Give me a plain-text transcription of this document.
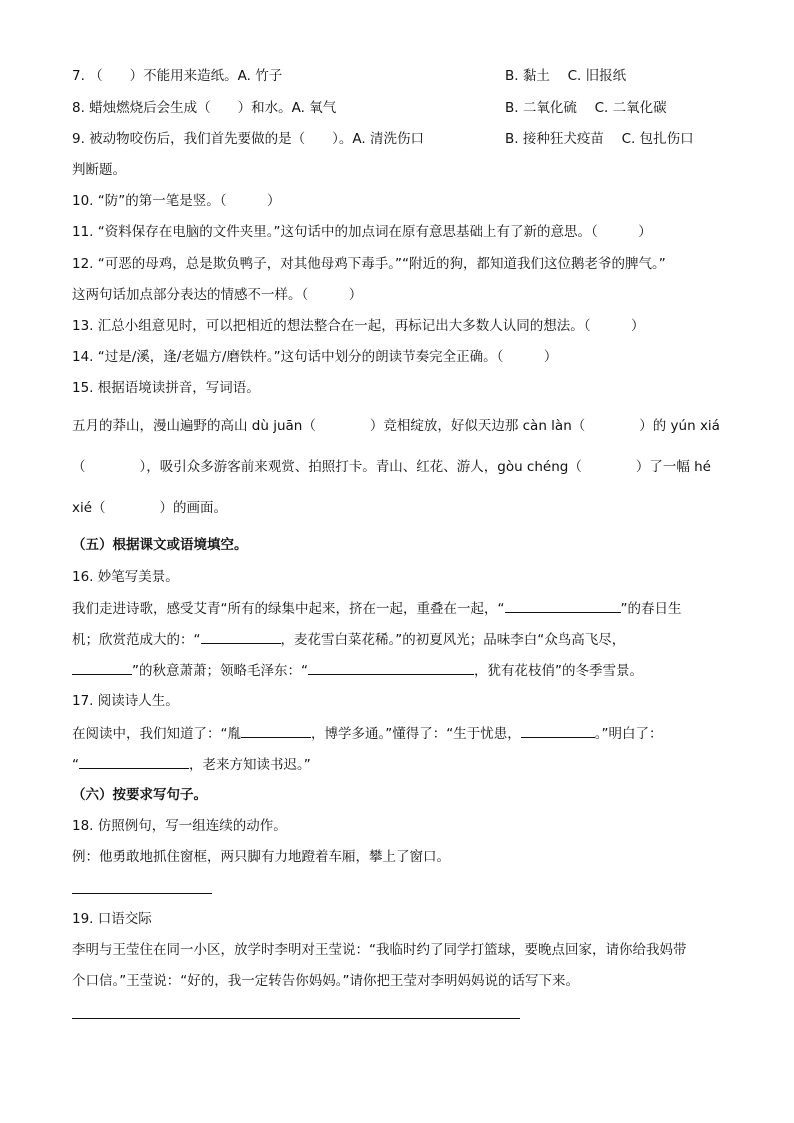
7. （　　）不能用来造纸。A. 竹子	B. 黏土　 C. 旧报纸
8. 蜡烛燃烧后会生成（　　）和水。A. 氧气	B. 二氧化硫　 C. 二氧化碳
9. 被动物咬伤后，我们首先要做的是（　　）。A. 清洗伤口	B. 接种狂犬疫苗　 C. 包扎伤口
判断题。
10. “防”的第一笔是竖。（　　　）
11. “资料保存在电脑的文件夹里。”这句话中的加点词在原有意思基础上有了新的意思。（　　　）
12. “可恶的母鸡，总是欺负鸭子，对其他母鸡下毒手。”“附近的狗，都知道我们这位鹅老爷的脾气。”
这两句话加点部分表达的情感不一样。（　　　）
13. 汇总小组意见时，可以把相近的想法整合在一起，再标记出大多数人认同的想法。（　　　）
14. “过是/溪，逢/老媪方/磨铁杵。”这句话中划分的朗读节奏完全正确。（　　　）
15. 根据语境读拼音，写词语。
五月的莽山，漫山遍野的高山 dù juān（　　　　）竞相绽放，好似天边那 càn làn（　　　　）的 yún xiá
（　　　　），吸引众多游客前来观赏、拍照打卡。青山、红花、游人，gòu chéng（　　　　）了一幅 hé
xié（　　　　）的画面。
（五）根据课文或语境填空。
16. 妙笔写美景。
我们走进诗歌，感受艾青“所有的绿集中起来，挤在一起，重叠在一起，“	”的春日生
机；欣赏范成大的：“	，麦花雪白菜花稀。”的初夏风光；品味李白“众鸟高飞尽，
”的秋意萧萧；领略毛泽东：“	，犹有花枝俏”的冬季雪景。
17. 阅读诗人生。
在阅读中，我们知道了：“胤	，博学多通。”懂得了：“生于忧患，	。”明白了：
“	，老来方知读书迟。”
（六）按要求写句子。
18. 仿照例句，写一组连续的动作。
例：他勇敢地抓住窗框，两只脚有力地蹬着车厢，攀上了窗口。
19. 口语交际
李明与王莹住在同一小区，放学时李明对王莹说：“我临时约了同学打篮球，要晚点回家，请你给我妈带
个口信。”王莹说：“好的，我一定转告你妈妈。”请你把王莹对李明妈妈说的话写下来。
